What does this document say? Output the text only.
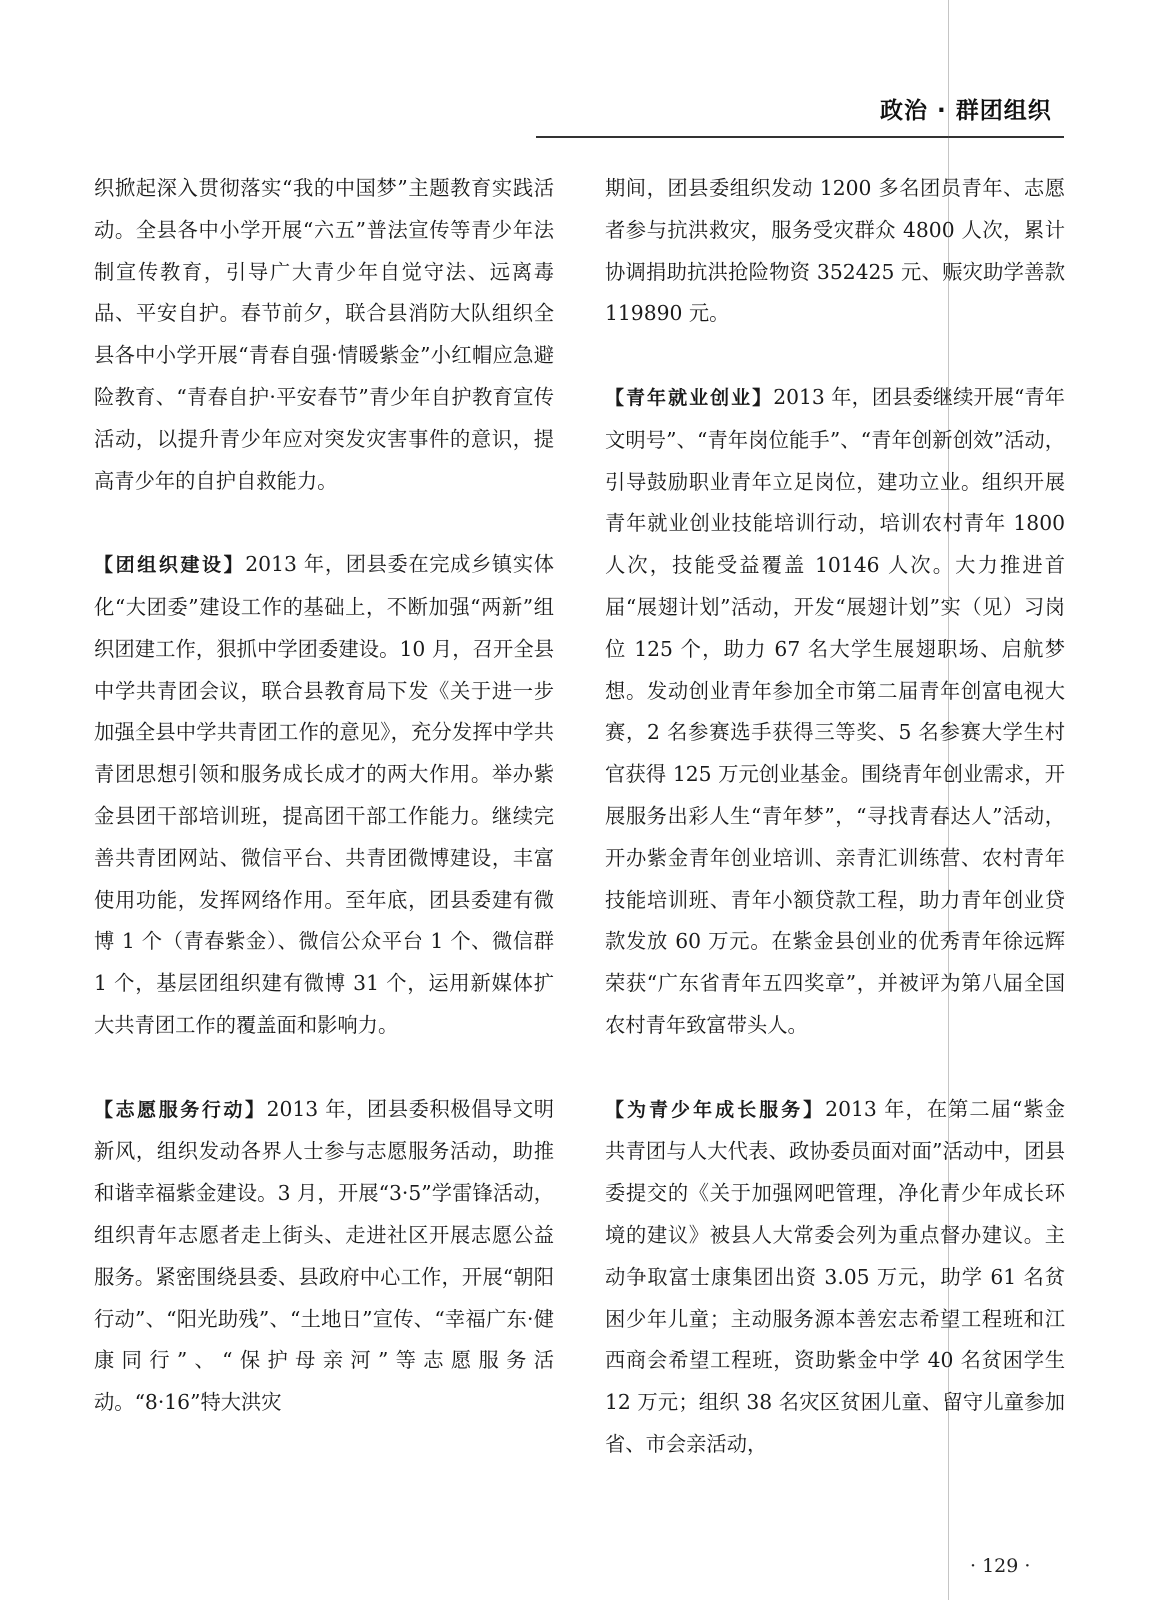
政治 · 群团组织

织掀起深入贯彻落实“我的中国梦”主题教育实践活动。全县各中小学开展“六五”普法宣传等青少年法制宣传教育，引导广大青少年自觉守法、远离毒品、平安自护。春节前夕，联合县消防大队组织全县各中小学开展“青春自强·情暖紫金”小红帽应急避险教育、“青春自护·平安春节”青少年自护教育宣传活动，以提升青少年应对突发灾害事件的意识，提高青少年的自护自救能力。

【团组织建设】2013 年，团县委在完成乡镇实体化“大团委”建设工作的基础上，不断加强“两新”组织团建工作，狠抓中学团委建设。10 月，召开全县中学共青团会议，联合县教育局下发《关于进一步加强全县中学共青团工作的意见》，充分发挥中学共青团思想引领和服务成长成才的两大作用。举办紫金县团干部培训班，提高团干部工作能力。继续完善共青团网站、微信平台、共青团微博建设，丰富使用功能，发挥网络作用。至年底，团县委建有微博 1 个（青春紫金）、微信公众平台 1 个、微信群 1 个，基层团组织建有微博 31 个，运用新媒体扩大共青团工作的覆盖面和影响力。

【志愿服务行动】2013 年，团县委积极倡导文明新风，组织发动各界人士参与志愿服务活动，助推和谐幸福紫金建设。3 月，开展“3·5”学雷锋活动，组织青年志愿者走上街头、走进社区开展志愿公益服务。紧密围绕县委、县政府中心工作，开展“朝阳行动”、“阳光助残”、“土地日”宣传、“幸福广东·健康同行”、“保护母亲河”等志愿服务活动。“8·16”特大洪灾

期间，团县委组织发动 1200 多名团员青年、志愿者参与抗洪救灾，服务受灾群众 4800 人次，累计协调捐助抗洪抢险物资 352425 元、赈灾助学善款 119890 元。

【青年就业创业】2013 年，团县委继续开展“青年文明号”、“青年岗位能手”、“青年创新创效”活动，引导鼓励职业青年立足岗位，建功立业。组织开展青年就业创业技能培训行动，培训农村青年 1800 人次，技能受益覆盖 10146 人次。大力推进首届“展翅计划”活动，开发“展翅计划”实（见）习岗位 125 个，助力 67 名大学生展翅职场、启航梦想。发动创业青年参加全市第二届青年创富电视大赛，2 名参赛选手获得三等奖、5 名参赛大学生村官获得 125 万元创业基金。围绕青年创业需求，开展服务出彩人生“青年梦”，“寻找青春达人”活动，开办紫金青年创业培训、亲青汇训练营、农村青年技能培训班、青年小额贷款工程，助力青年创业贷款发放 60 万元。在紫金县创业的优秀青年徐远辉荣获“广东省青年五四奖章”，并被评为第八届全国农村青年致富带头人。

【为青少年成长服务】2013 年，在第二届“紫金共青团与人大代表、政协委员面对面”活动中，团县委提交的《关于加强网吧管理，净化青少年成长环境的建议》被县人大常委会列为重点督办建议。主动争取富士康集团出资 3.05 万元，助学 61 名贫困少年儿童；主动服务源本善宏志希望工程班和江西商会希望工程班，资助紫金中学 40 名贫困学生 12 万元；组织 38 名灾区贫困儿童、留守儿童参加省、市会亲活动，

· 129 ·
